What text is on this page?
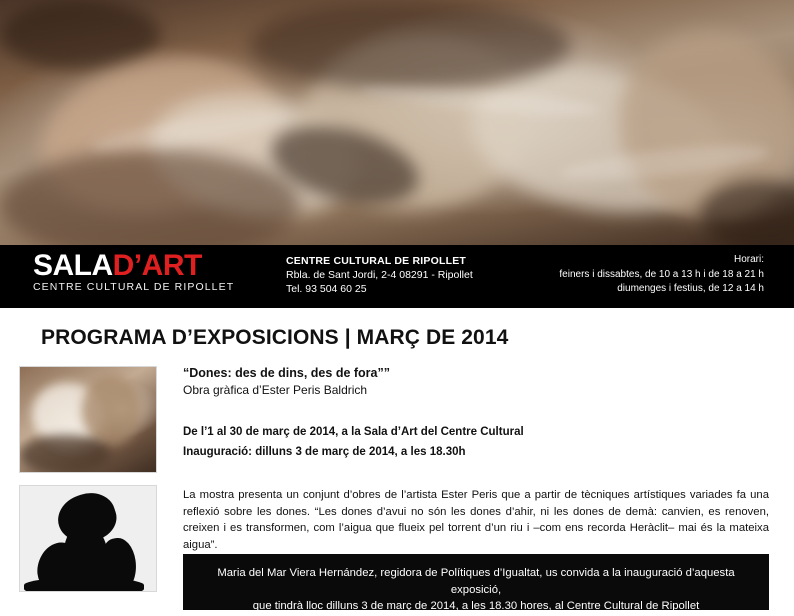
SALAD’ART
CENTRE CULTURAL DE RIPOLLET
CENTRE CULTURAL DE RIPOLLET
Rbla. de Sant Jordi, 2-4 08291 - Ripollet
Tel. 93 504 60 25
Horari:
feiners i dissabtes, de 10 a 13 h i de 18 a 21 h
diumenges i festius, de 12 a 14 h
PROGRAMA D’EXPOSICIONS | MARÇ DE 2014
“Dones: des de dins, des de fora””
Obra gràfica d’Ester Peris Baldrich
De l’1 al 30 de març de 2014, a la Sala d’Art del Centre Cultural
Inauguració: dilluns 3 de març de 2014, a les 18.30h
La mostra presenta un conjunt d’obres de l’artista Ester Peris que a partir de tècniques artístiques variades fa una reflexió sobre les dones. “Les dones d’avui no són les dones d’ahir, ni les dones de demà: canvien, es renoven, creixen i es transformen, com l’aigua que flueix pel torrent d’un riu i –com ens recorda Heràclit– mai és la mateixa aigua”.

Maria del Mar Viera Hernández, regidora de Polítiques d’Igualtat, us convida a la inauguració d’aquesta exposició,

que tindrà lloc dilluns 3 de març de 2014, a les 18.30 hores, al Centre Cultural de Ripollet
